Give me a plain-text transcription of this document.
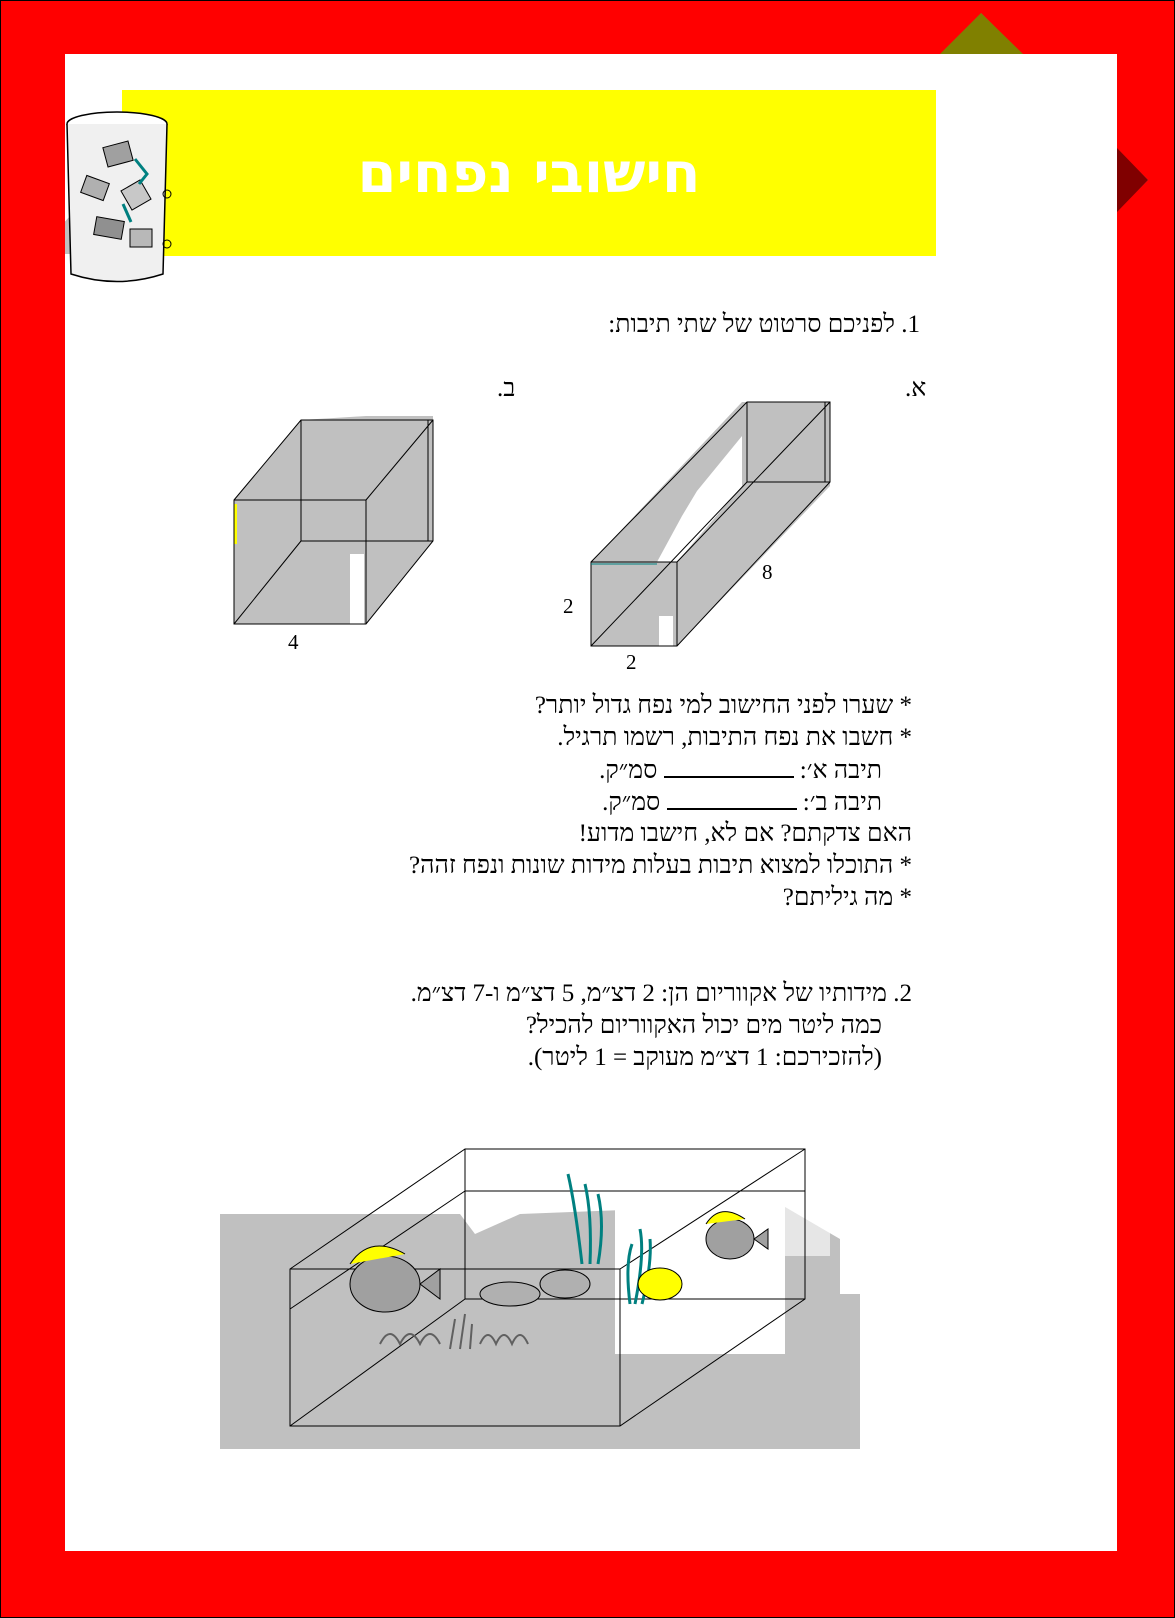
חישובי נפחים	נפח:
חישוב
1. לפניכם סרטוט של שתי תיבות:
א.
ב.
4
2
2
8
* שערו לפני החישוב למי נפח גדול יותר?
* חשבו את נפח התיבות, רשמו תרגיל.
תיבה א׳:  סמ״ק.
תיבה ב׳:  סמ״ק.
האם צדקתם? אם לא, חישבו מדוע!
* התוכלו למצוא תיבות בעלות מידות שונות ונפח זהה?
* מה גיליתם?
2. מידותיו של אקווריום הן: 2 דצ״מ, 5 דצ״מ ו-7 דצ״מ.
כמה ליטר מים יכול האקווריום להכיל?
(להזכירכם: 1 דצ״מ מעוקב = 1 ליטר).
